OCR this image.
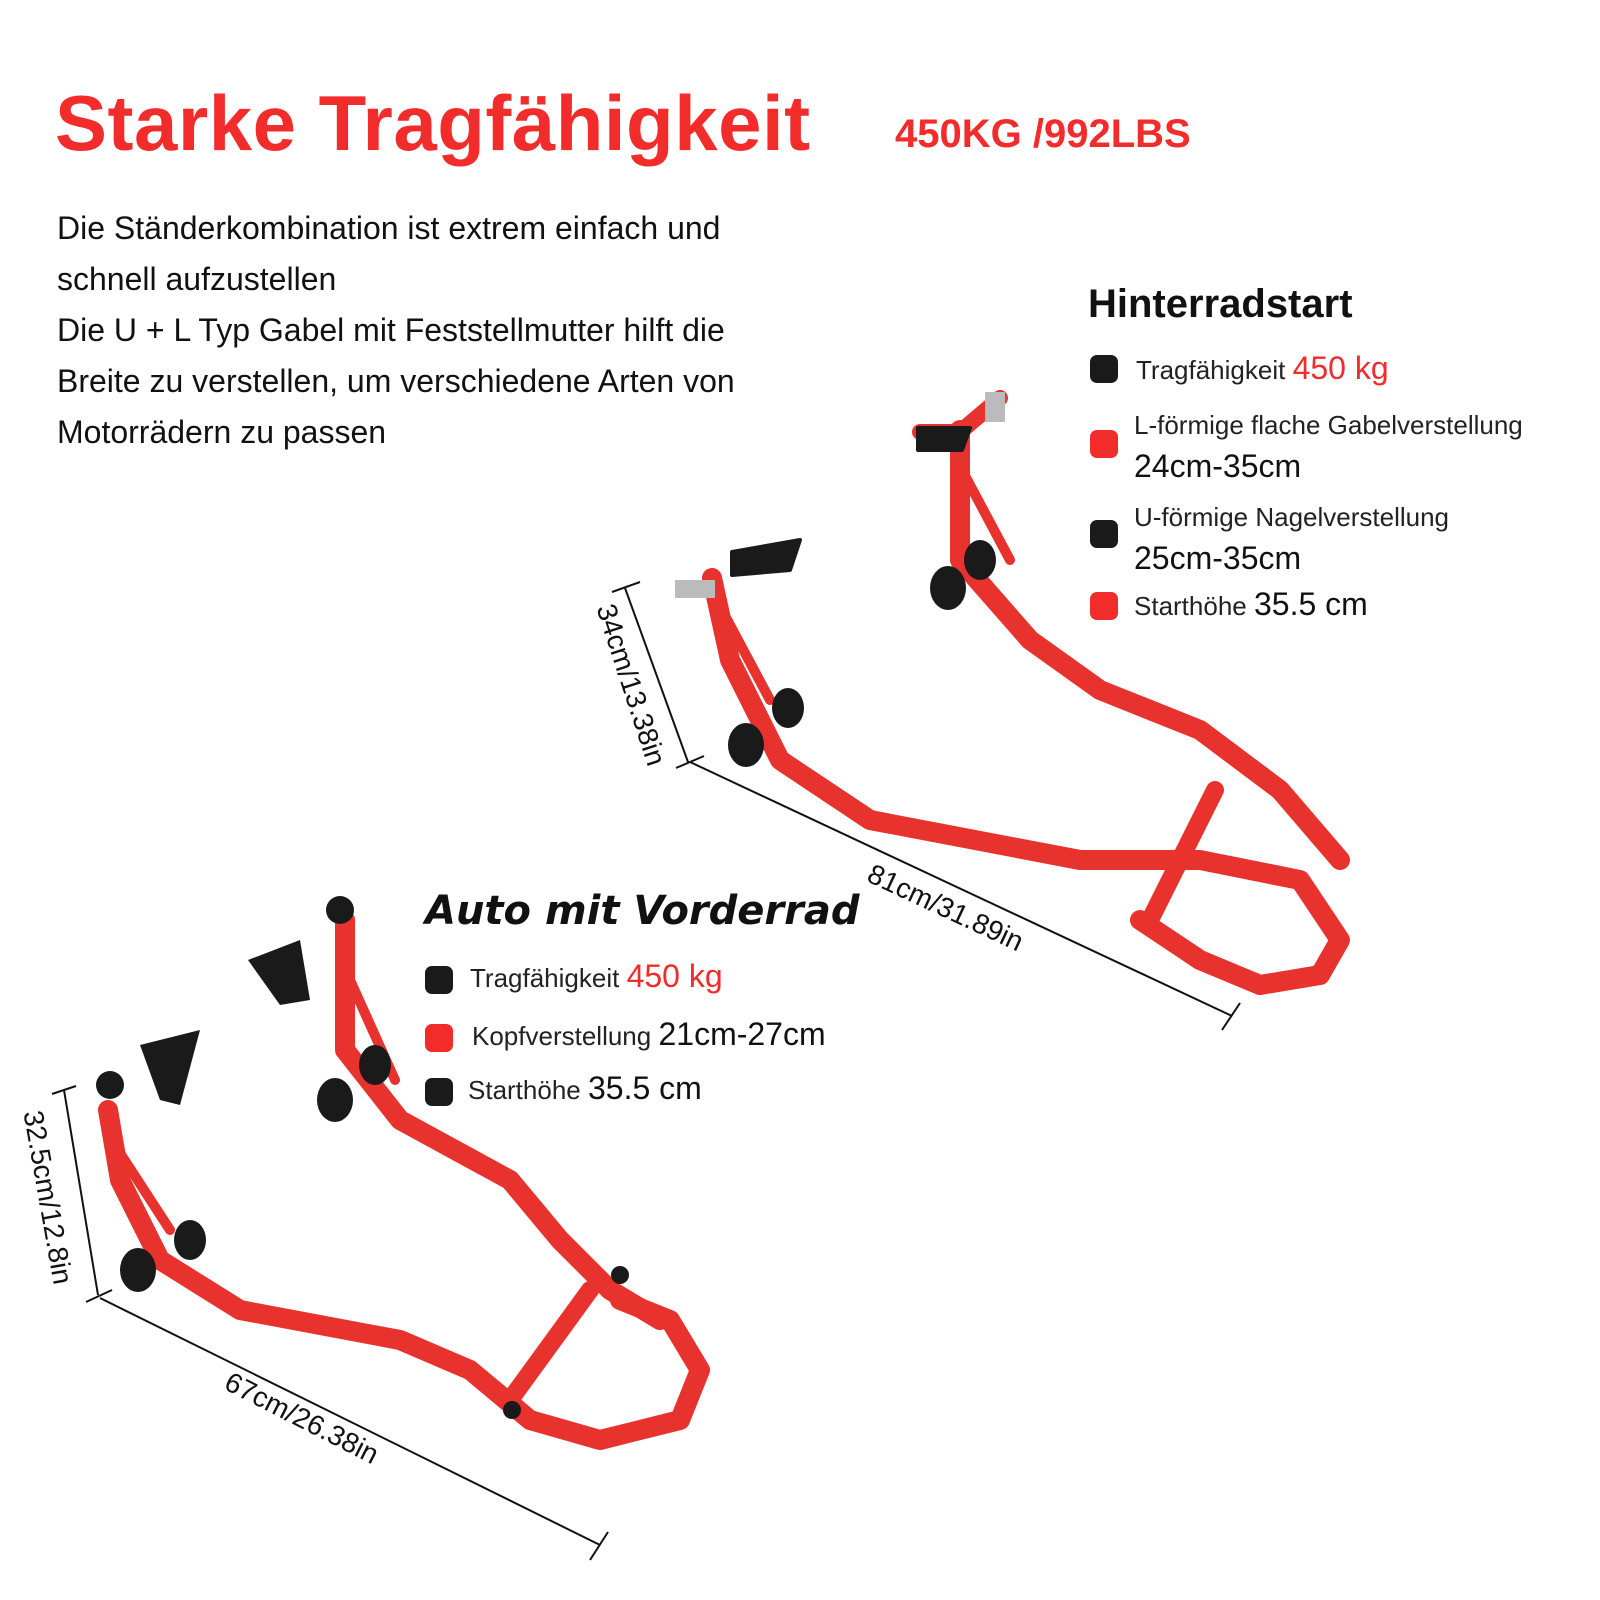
Starke Tragfähigkeit 450KG /992LBS
Die Ständerkombination ist extrem einfach und
schnell aufzustellen
Die U + L Typ Gabel mit Feststellmutter hilft die
Breite zu verstellen, um verschiedene Arten von
Motorrädern zu passen
34cm/13.38in
81cm/31.89in
32.5cm/12.8in
67cm/26.38in
Hinterradstart
Tragfähigkeit 450 kg
L-förmige flache Gabelverstellung
24cm-35cm
U-förmige Nagelverstellung
25cm-35cm
Starthöhe 35.5 cm
Auto mit Vorderrad
Tragfähigkeit 450 kg
Kopfverstellung 21cm-27cm
Starthöhe 35.5 cm
